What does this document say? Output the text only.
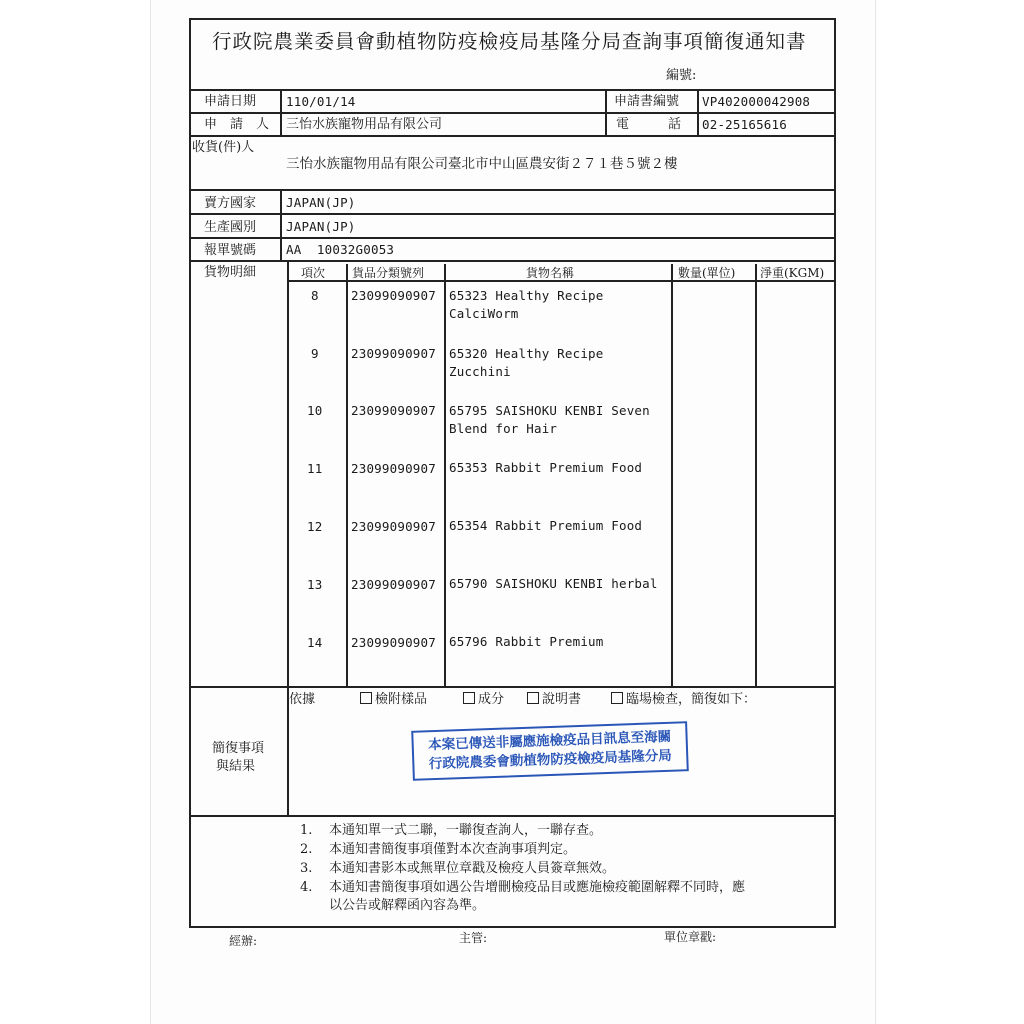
行政院農業委員會動植物防疫檢疫局基隆分局查詢事項簡復通知書
編號:
申請日期 110/01/14	申請書編號 VP402000042908
申　請　人 三怡水族寵物用品有限公司	電　　　話 02-25165616
收貨(件)人
三怡水族寵物用品有限公司臺北市中山區農安街２７１巷５號２樓
賣方國家 JAPAN(JP)
生產國別 JAPAN(JP)
報單號碼 AA  10032G0053
貨物明細	項次 貨品分類號列	貨物名稱	數量(單位) 淨重(KGM)
8	23099090907 65323 Healthy Recipe
CalciWorm
9	23099090907 65320 Healthy Recipe
Zucchini
10 23099090907 65795 SAISHOKU KENBI Seven
Blend for Hair
11 23099090907 65353 Rabbit Premium Food
12 23099090907 65354 Rabbit Premium Food
13 23099090907 65790 SAISHOKU KENBI herbal
14 23099090907 65796 Rabbit Premium
簡復事項
與結果
依據	檢附樣品	成分	說明書	臨場檢查，簡復如下：
本案已傳送非屬應施檢疫品目訊息至海關
行政院農委會動植物防疫檢疫局基隆分局
1. 本通知單一式二聯，一聯復查詢人，一聯存查。
2. 本通知書簡復事項僅對本次查詢事項判定。
3. 本通知書影本或無單位章戳及檢疫人員簽章無效。
4. 本通知書簡復事項如遇公告增刪檢疫品目或應施檢疫範圍解釋不同時，應
以公告或解釋函內容為準。
經辦:	主管:	單位章戳:
